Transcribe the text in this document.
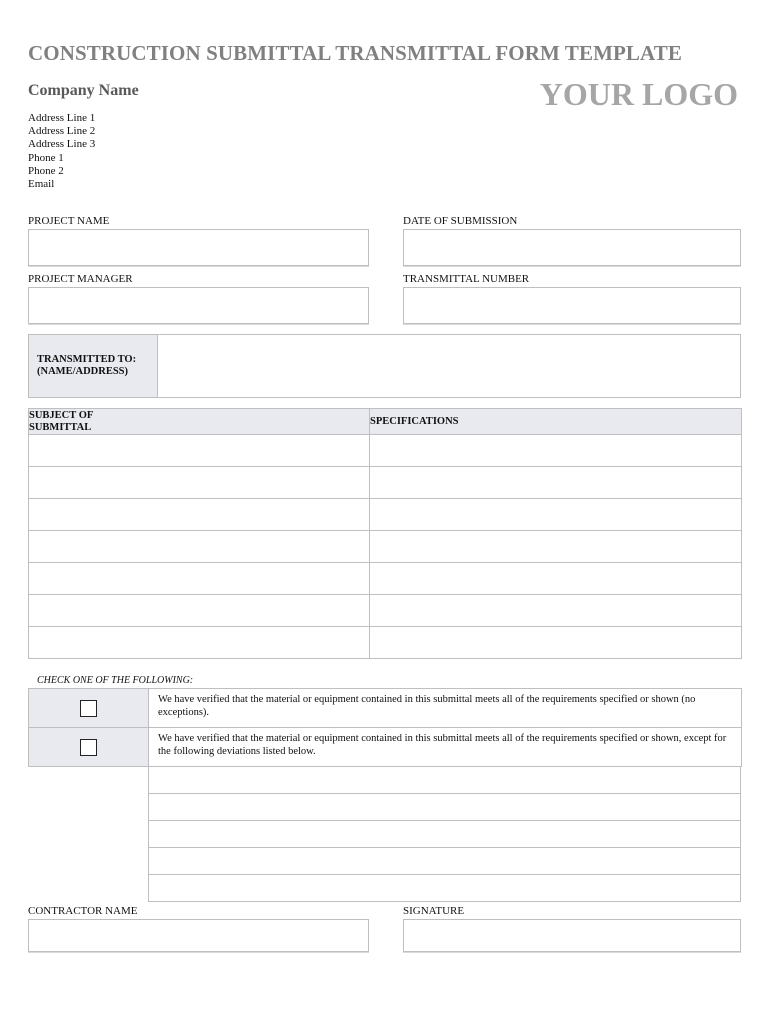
CONSTRUCTION SUBMITTAL TRANSMITTAL FORM TEMPLATE
Company Name	YOUR LOGO
Address Line 1
Address Line 2
Address Line 3
Phone 1
Phone 2
Email
PROJECT NAME	DATE OF SUBMISSION
PROJECT MANAGER	TRANSMITTAL NUMBER
TRANSMITTED TO:
(NAME/ADDRESS)
SUBJECT OF
SUBMITTAL	SPECIFICATIONS

CHECK ONE OF THE FOLLOWING:
	We have verified that the material or equipment contained in this submittal meets all of the requirements specified or shown (no exceptions).
	We have verified that the material or equipment contained in this submittal meets all of the requirements specified or shown, except for the following deviations listed below.

CONTRACTOR NAME	SIGNATURE
